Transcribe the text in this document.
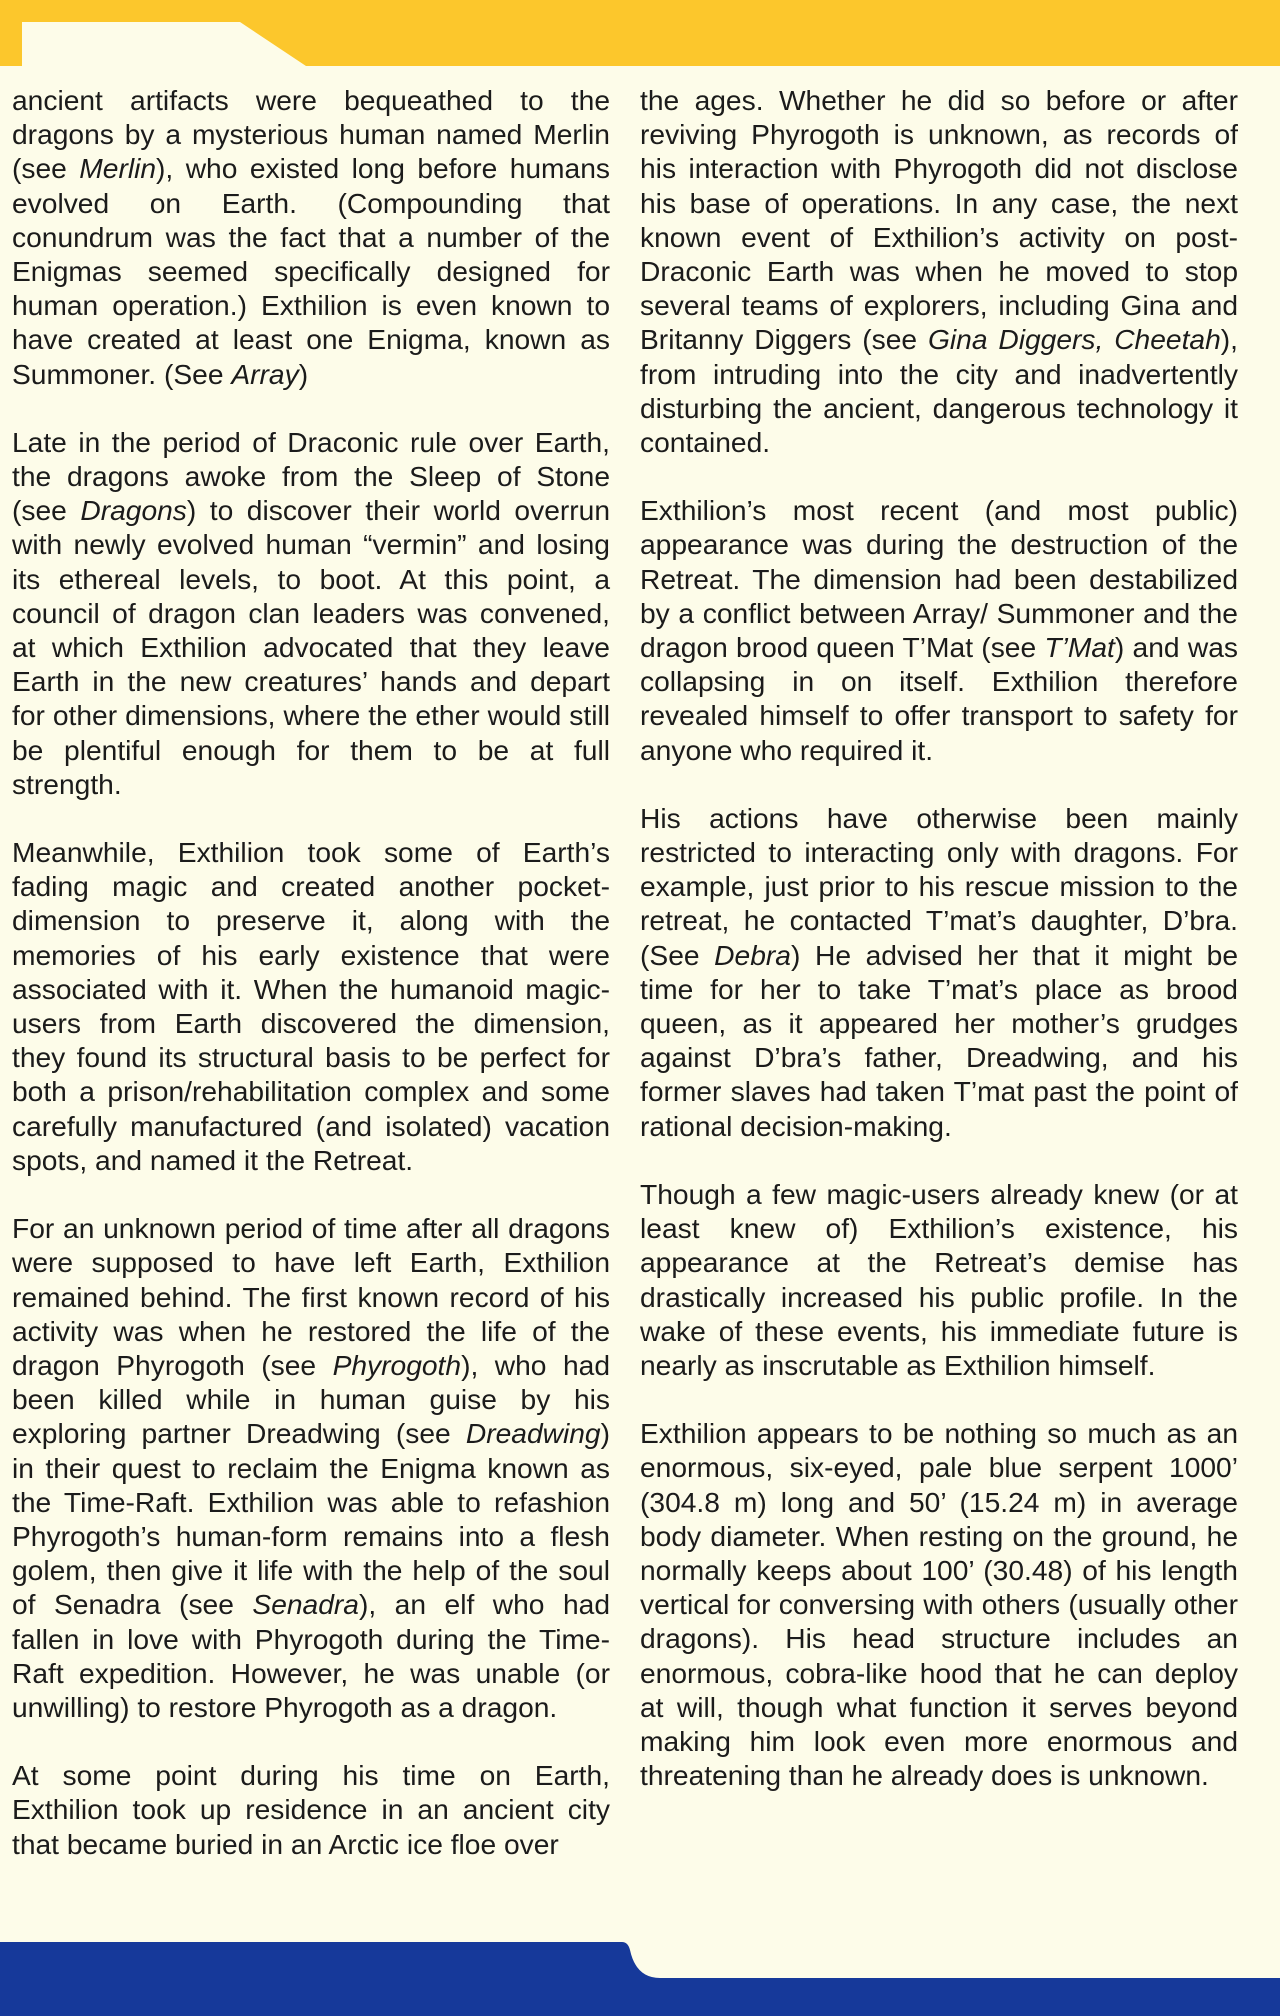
ancient artifacts were bequeathed to the dragons by a mysterious human named Merlin (see Merlin), who existed long before humans evolved on Earth. (Compounding that conundrum was the fact that a number of the Enigmas seemed specifically designed for human operation.) Exthilion is even known to have created at least one Enigma, known as Summoner. (See Array)

Late in the period of Draconic rule over Earth, the dragons awoke from the Sleep of Stone (see Dragons) to discover their world overrun with newly evolved human “vermin” and losing its ethereal levels, to boot. At this point, a council of dragon clan leaders was convened, at which Exthilion advocated that they leave Earth in the new creatures’ hands and depart for other dimensions, where the ether would still be plentiful enough for them to be at full strength.

Meanwhile, Exthilion took some of Earth’s fading magic and created another pocket-dimension to preserve it, along with the memories of his early existence that were associated with it. When the humanoid magic-users from Earth discovered the dimension, they found its structural basis to be perfect for both a prison/rehabilitation complex and some carefully manufactured (and isolated) vacation spots, and named it the Retreat.

For an unknown period of time after all dragons were supposed to have left Earth, Exthilion remained behind. The first known record of his activity was when he restored the life of the dragon Phyrogoth (see Phyrogoth), who had been killed while in human guise by his exploring partner Dreadwing (see Dreadwing) in their quest to reclaim the Enigma known as the Time-Raft. Exthilion was able to refashion Phyrogoth’s human-form remains into a flesh golem, then give it life with the help of the soul of Senadra (see Senadra), an elf who had fallen in love with Phyrogoth during the Time-Raft expedition. However, he was unable (or unwilling) to restore Phyrogoth as a dragon.

At some point during his time on Earth, Exthilion took up residence in an ancient city that became buried in an Arctic ice floe over

the ages. Whether he did so before or after reviving Phyrogoth is unknown, as records of his interaction with Phyrogoth did not disclose his base of operations. In any case, the next known event of Exthilion’s activity on post-Draconic Earth was when he moved to stop several teams of explorers, including Gina and Britanny Diggers (see Gina Diggers, Cheetah), from intruding into the city and inadvertently disturbing the ancient, dangerous technology it contained.

Exthilion’s most recent (and most public) appearance was during the destruction of the Retreat. The dimension had been destabilized by a conflict between Array/ Summoner and the dragon brood queen T’Mat (see T’Mat) and was collapsing in on itself. Exthilion therefore revealed himself to offer transport to safety for anyone who required it.

His actions have otherwise been mainly restricted to interacting only with dragons. For example, just prior to his rescue mission to the retreat, he contacted T’mat’s daughter, D’bra. (See Debra) He advised her that it might be time for her to take T’mat’s place as brood queen, as it appeared her mother’s grudges against D’bra’s father, Dreadwing, and his former slaves had taken T’mat past the point of rational decision-making.

Though a few magic-users already knew (or at least knew of) Exthilion’s existence, his appearance at the Retreat’s demise has drastically increased his public profile. In the wake of these events, his immediate future is nearly as inscrutable as Exthilion himself.

Exthilion appears to be nothing so much as an enormous, six-eyed, pale blue serpent 1000’ (304.8 m) long and 50’ (15.24 m) in average body diameter. When resting on the ground, he normally keeps about 100’ (30.48) of his length vertical for conversing with others (usually other dragons). His head structure includes an enormous, cobra-like hood that he can deploy at will, though what function it serves beyond making him look even more enormous and threatening than he already does is unknown.
